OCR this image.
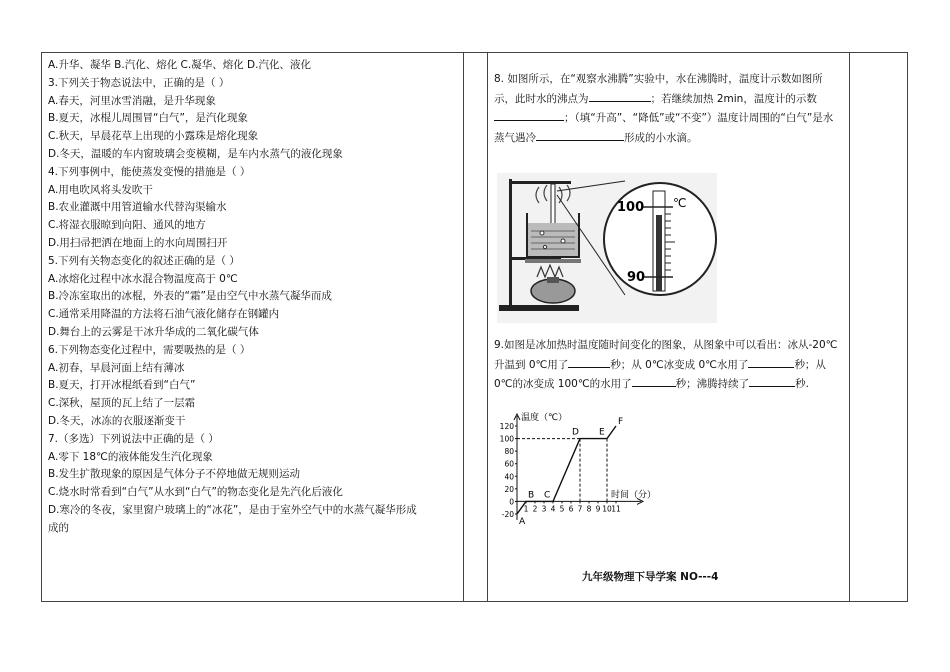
A.升华、凝华 B.汽化、熔化 C.凝华、熔化 D.汽化、液化
3.下列关于物态说法中，正确的是（ ）
A.春天，河里冰雪消融，是升华现象
B.夏天，冰棍儿周围冒“白气”，是汽化现象
C.秋天，早晨花草上出现的小露珠是熔化现象
D.冬天，温暖的车内窗玻璃会变模糊，是车内水蒸气的液化现象
4.下列事例中，能使蒸发变慢的措施是（ ）
A.用电吹风将头发吹干
B.农业灌溉中用管道输水代替沟渠输水
C.将湿衣服晾到向阳、通风的地方
D.用扫帚把洒在地面上的水向周围扫开
5.下列有关物态变化的叙述正确的是（ ）
A.冰熔化过程中冰水混合物温度高于 0℃
B.冷冻室取出的冰棍，外表的“霜”是由空气中水蒸气凝华而成
C.通常采用降温的方法将石油气液化储存在钢罐内
D.舞台上的云雾是干冰升华成的二氧化碳气体
6.下列物态变化过程中，需要吸热的是（ ）
A.初春，早晨河面上结有薄冰
B.夏天，打开冰棍纸看到“白气”
C.深秋，屋顶的瓦上结了一层霜
D.冬天，冰冻的衣服逐渐变干
7.（多选）下列说法中正确的是（ ）
A.零下 18℃的液体能发生汽化现象
B.发生扩散现象的原因是气体分子不停地做无规则运动
C.烧水时常看到“白气”从水到“白气”的物态变化是先汽化后液化
D.寒冷的冬夜，家里窗户玻璃上的“冰花”，是由于室外空气中的水蒸气凝华形成
成的

8. 如图所示，在“观察水沸腾”实验中，水在沸腾时，温度计示数如图所示，此时水的沸点为	；若继续加热 2min，温度计的示数；（填“升高”、“降低”或“不变”）温度计周围的“白气”是水蒸气遇冷	形成的小水滴。

100
90
℃

9.如图是冰加热时温度随时间变化的图象，从图象中可以看出：冰从-20℃升温到 0℃用了	秒；从 0℃冰变成 0℃水用了	秒；从 0℃的冰变成 100℃的水用了	秒；沸腾持续了	秒.

温度（℃）
时间（分）
-20
0
20
40
60
80
100
120
1 2 3 4 5 6 7 8 9 10 11
A
B C
D E
F
九年级物理下导学案 NO---4
